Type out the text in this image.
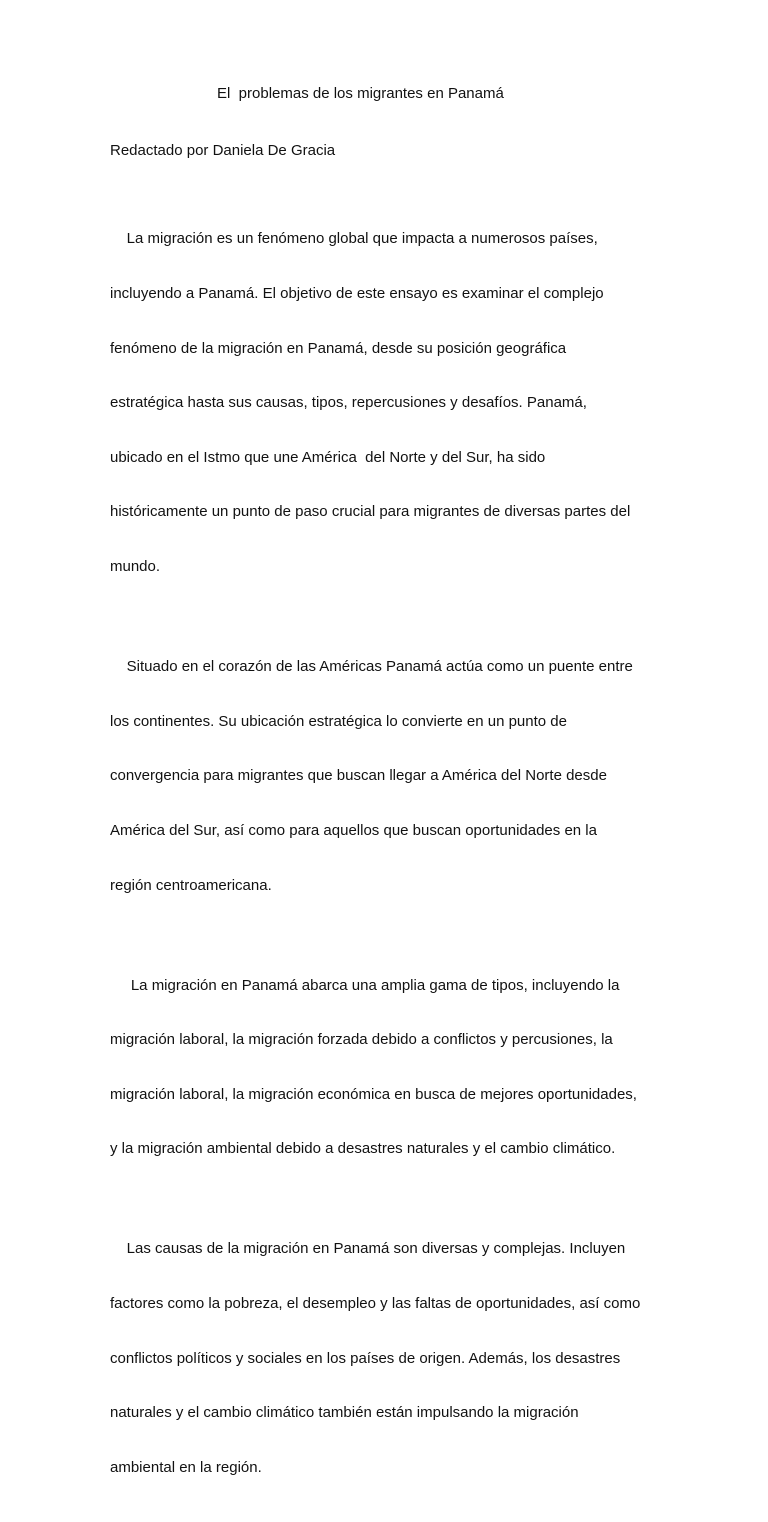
El  problemas de los migrantes en Panamá

Redactado por Daniela De Gracia

La migración es un fenómeno global que impacta a numerosos países,

incluyendo a Panamá. El objetivo de este ensayo es examinar el complejo

fenómeno de la migración en Panamá, desde su posición geográfica

estratégica hasta sus causas, tipos, repercusiones y desafíos. Panamá,

ubicado en el Istmo que une América  del Norte y del Sur, ha sido

históricamente un punto de paso crucial para migrantes de diversas partes del

mundo.

Situado en el corazón de las Américas Panamá actúa como un puente entre

los continentes. Su ubicación estratégica lo convierte en un punto de

convergencia para migrantes que buscan llegar a América del Norte desde

América del Sur, así como para aquellos que buscan oportunidades en la

región centroamericana.

La migración en Panamá abarca una amplia gama de tipos, incluyendo la

migración laboral, la migración forzada debido a conflictos y percusiones, la

migración laboral, la migración económica en busca de mejores oportunidades,

y la migración ambiental debido a desastres naturales y el cambio climático.

Las causas de la migración en Panamá son diversas y complejas. Incluyen

factores como la pobreza, el desempleo y las faltas de oportunidades, así como

conflictos políticos y sociales en los países de origen. Además, los desastres

naturales y el cambio climático también están impulsando la migración

ambiental en la región.
